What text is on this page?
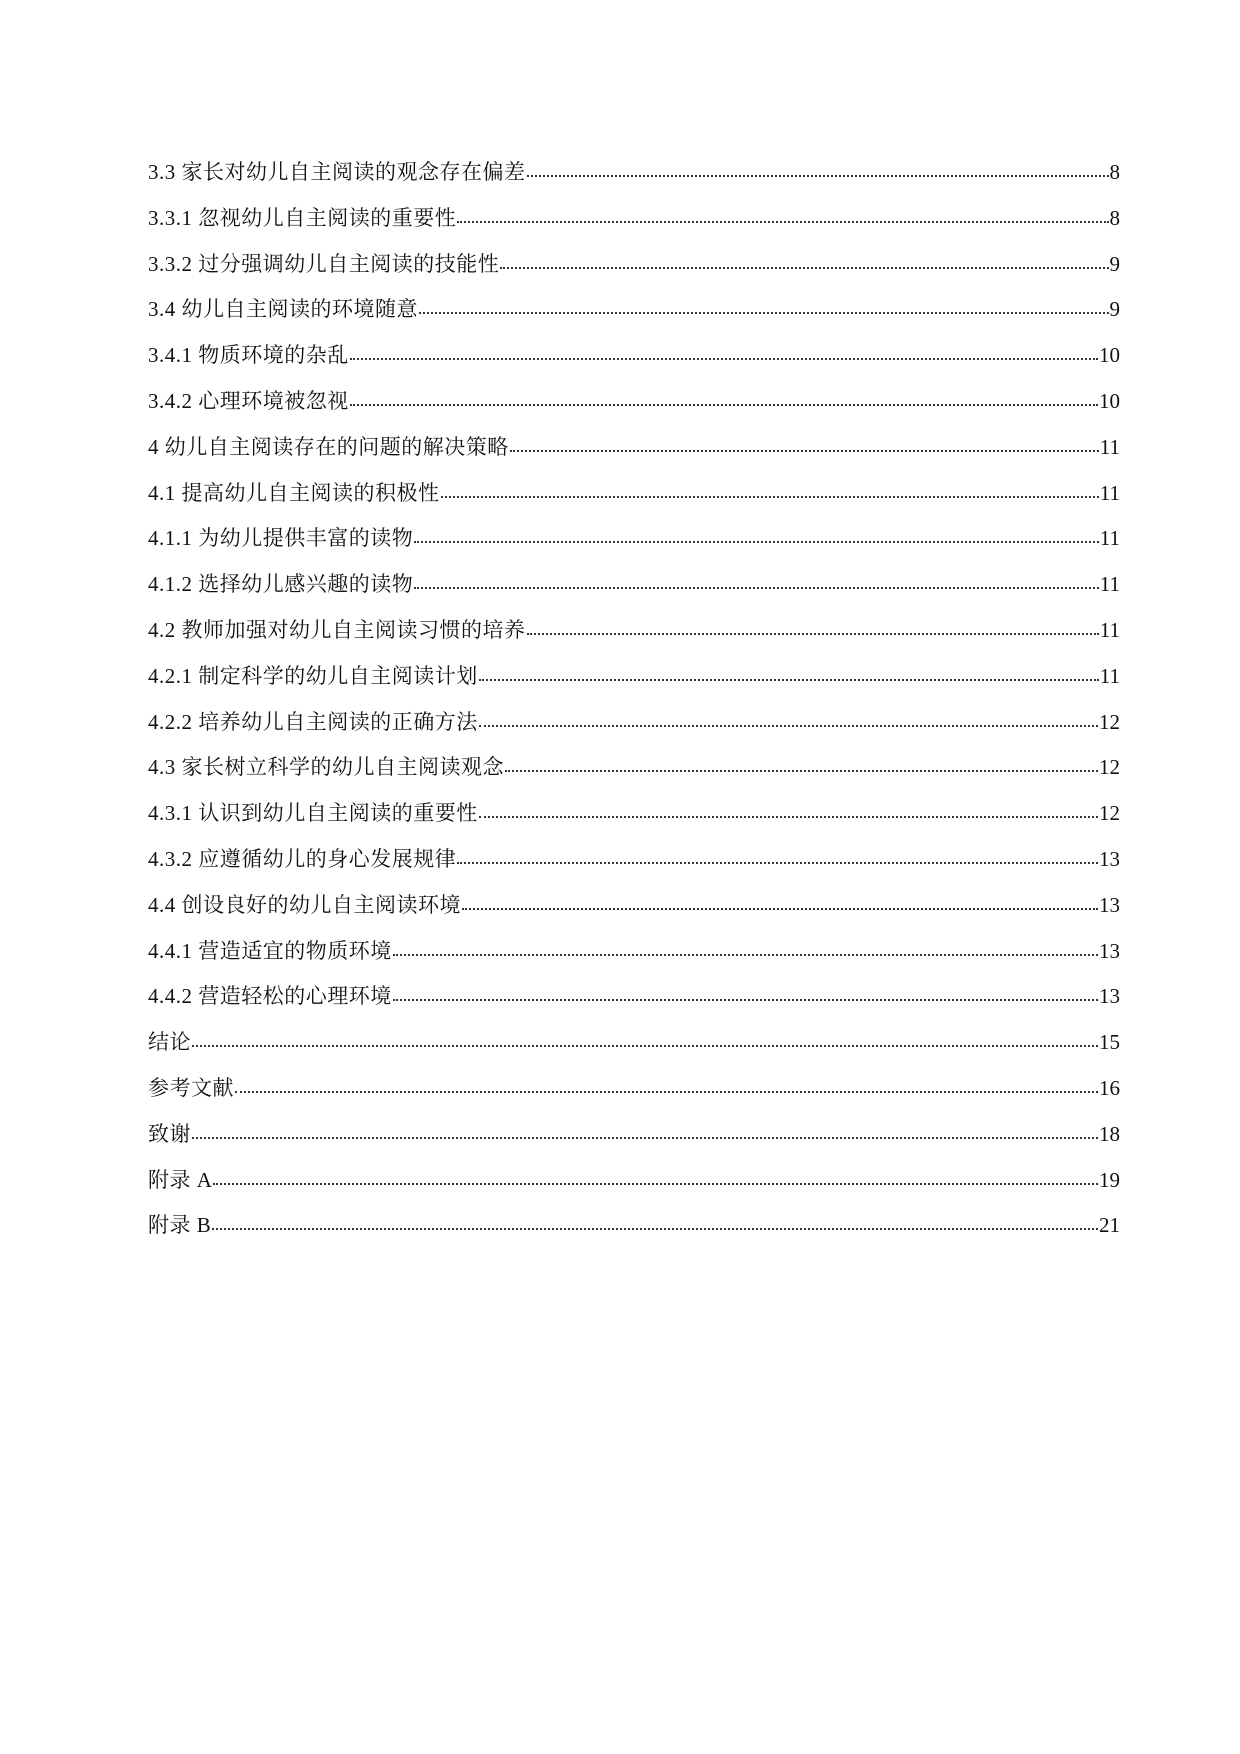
3.3 家长对幼儿自主阅读的观念存在偏差	8
3.3.1 忽视幼儿自主阅读的重要性	8
3.3.2 过分强调幼儿自主阅读的技能性	9
3.4 幼儿自主阅读的环境随意	9
3.4.1 物质环境的杂乱	10
3.4.2 心理环境被忽视	10
4 幼儿自主阅读存在的问题的解决策略	11
4.1 提高幼儿自主阅读的积极性	11
4.1.1 为幼儿提供丰富的读物	11
4.1.2 选择幼儿感兴趣的读物	11
4.2 教师加强对幼儿自主阅读习惯的培养	11
4.2.1 制定科学的幼儿自主阅读计划	11
4.2.2 培养幼儿自主阅读的正确方法	12
4.3 家长树立科学的幼儿自主阅读观念	12
4.3.1 认识到幼儿自主阅读的重要性	12
4.3.2 应遵循幼儿的身心发展规律	13
4.4 创设良好的幼儿自主阅读环境	13
4.4.1 营造适宜的物质环境	13
4.4.2 营造轻松的心理环境	13
结论	15
参考文献	16
致谢	18
附录 A	19
附录 B	21
